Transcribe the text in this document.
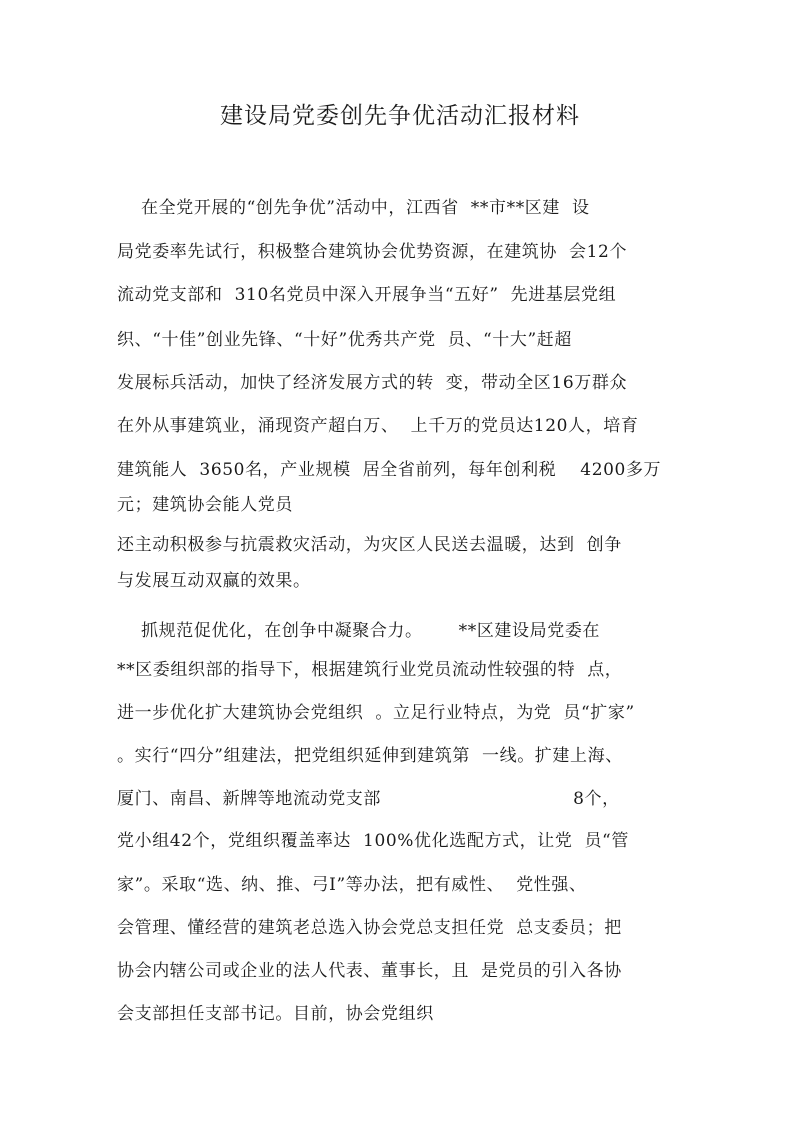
建设局党委创先争优活动汇报材料
在全党开展的“创先争优”活动中，江西省  **市**区建  设
局党委率先试行，积极整合建筑协会优势资源，在建筑协  会12个
流动党支部和  310名党员中深入开展争当“五好”  先进基层党组
织、“十佳”创业先锋、“十好”优秀共产党  员、“十大”赶超
发展标兵活动，加快了经济发展方式的转  变，带动全区16万群众
在外从事建筑业，涌现资产超白万、  上千万的党员达120人，培育
建筑能人  3650名，产业规模  居全省前列，每年创利税    4200多万
元；建筑协会能人党员
还主动积极参与抗震救灾活动，为灾区人民送去温暖，达到  创争
与发展互动双赢的效果。
抓规范促优化，在创争中凝聚合力。      **区建设局党委在
**区委组织部的指导下，根据建筑行业党员流动性较强的特  点，
进一步优化扩大建筑协会党组织  。立足行业特点，为党  员“扩家”
。实行“四分”组建法，把党组织延伸到建筑第  一线。扩建上海、
厦门、南昌、新牌等地流动党支部                                8个，
党小组42个，党组织覆盖率达  100%优化选配方式，让党  员“管
家”。采取“选、纳、推、弓I”等办法，把有威性、  党性强、
会管理、懂经营的建筑老总选入协会党总支担任党  总支委员；把
协会内辖公司或企业的法人代表、董事长，且  是党员的引入各协
会支部担任支部书记。目前，协会党组织
